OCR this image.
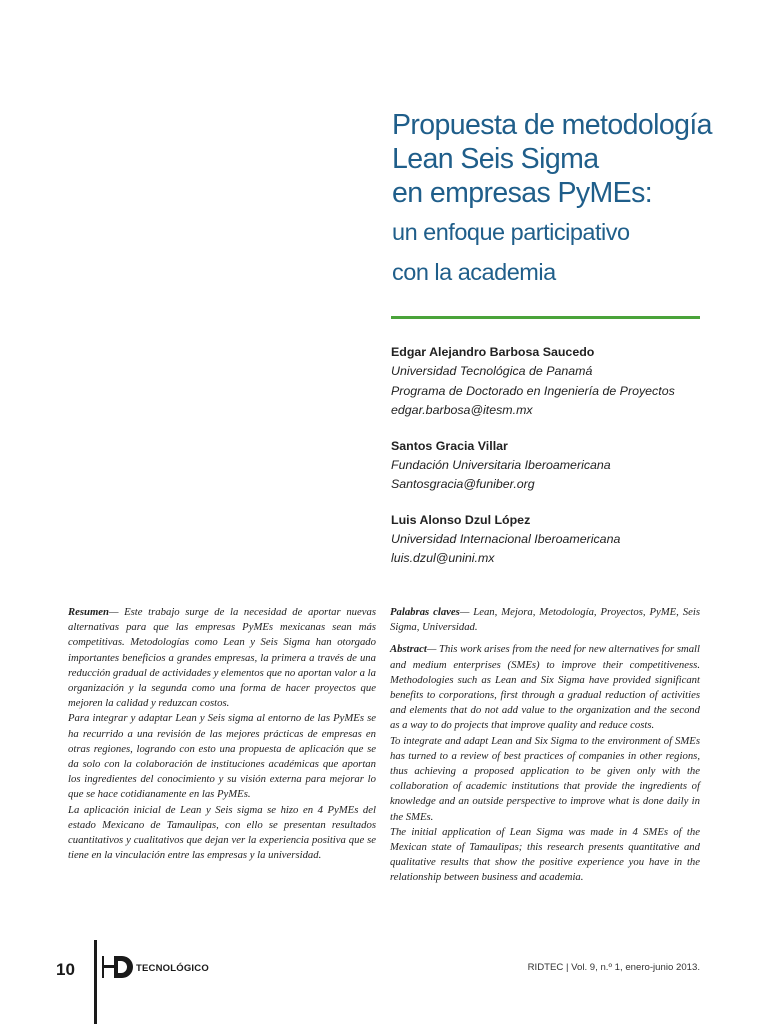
Propuesta de metodología
Lean Seis Sigma
en empresas PyMEs:
un enfoque participativo
con la academia
Edgar Alejandro Barbosa Saucedo
Universidad Tecnológica de Panamá
Programa de Doctorado en Ingeniería de Proyectos
edgar.barbosa@itesm.mx
Santos Gracia Villar
Fundación Universitaria Iberoamericana
Santosgracia@funiber.org
Luis Alonso Dzul López
Universidad Internacional Iberoamericana
luis.dzul@unini.mx

Resumen— Este trabajo surge de la necesidad de aportar nuevas alternativas para que las empresas PyMEs mexicanas sean más competitivas. Metodologías como Lean y Seis Sigma han otorgado importantes beneficios a grandes empresas, la primera a través de una reducción gradual de actividades y elementos que no aportan valor a la organización y la segunda como una forma de hacer proyectos que mejoren la calidad y reduzcan costos.

Para integrar y adaptar Lean y Seis sigma al entorno de las PyMEs se ha recurrido a una revisión de las mejores prácticas de empresas en otras regiones, logrando con esto una propuesta de aplicación que se da solo con la colaboración de instituciones académicas que aportan los ingredientes del conocimiento y su visión externa para mejorar lo que se hace cotidianamente en las PyMEs.

La aplicación inicial de Lean y Seis sigma se hizo en 4 PyMEs del estado Mexicano de Tamaulipas, con ello se presentan resultados cuantitativos y cualitativos que dejan ver la experiencia positiva que se tiene en la vinculación entre las empresas y la universidad.

Palabras claves— Lean, Mejora, Metodología, Proyectos, PyME, Seis Sigma, Universidad.

Abstract— This work arises from the need for new alternatives for small and medium enterprises (SMEs) to improve their competitiveness. Methodologies such as Lean and Six Sigma have provided significant benefits to corporations, first through a gradual reduction of activities and elements that do not add value to the organization and the second as a way to do projects that improve quality and reduce costs.

To integrate and adapt Lean and Six Sigma to the environment of SMEs has turned to a review of best practices of companies in other regions, thus achieving a proposed application to be given only with the collaboration of academic institutions that provide the ingredients of knowledge and an outside perspective to improve what is done daily in the SMEs.

The initial application of Lean Sigma was made in 4 SMEs of the Mexican state of Tamaulipas; this research presents quantitative and qualitative results that show the positive experience you have in the relationship between business and academia.

10	TECNOLÓGICO	RIDTEC | Vol. 9, n.º 1, enero-junio 2013.
